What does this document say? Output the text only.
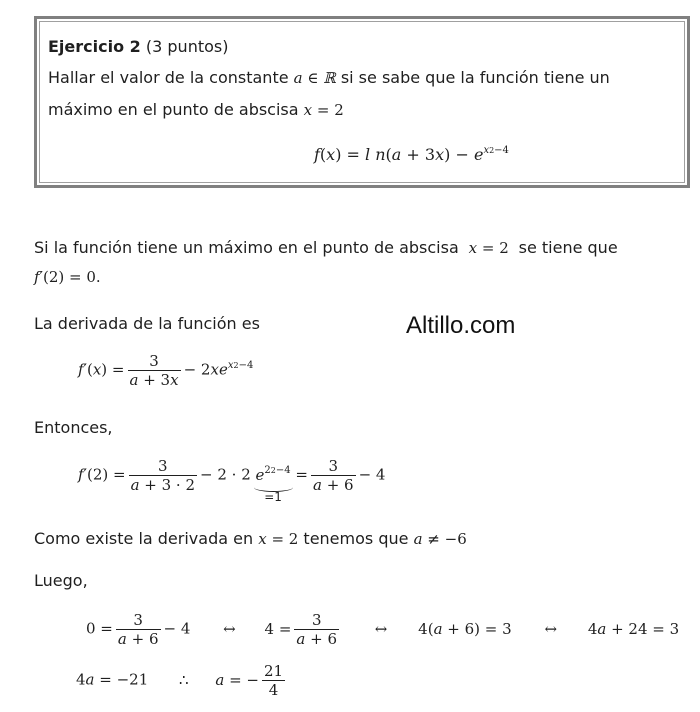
Ejercicio 2 (3 puntos)
Hallar el valor de la constante a ∈ ℝ si se sabe que la función tiene un
máximo en el punto de abscisa x = 2
f(x) = l $n(a + 3x) - e^{x2-4}$
Si la función tiene un máximo en el punto de abscisa x = 2  se tiene que
f′(2) = 0.
La derivada de la función es	Altillo.com
$f'(x) = \frac{3}{a + 3x} - 2xe^{x2-4}$
Entonces,
$f'(2) = \frac{3}{a + 3 \cdot 2} - 2 \cdot 2$ $e^{22-4}$
=1
= $\frac{3}{a + 6} - 4$
Como existe la derivada en x = 2 tenemos que a ≠ −6
Luego,
$0 = \frac{3}{a + 6} - 4$ ↔ $4 = \frac{3}{a + 6}$ ↔ 4(a + 6) = 3 ↔ 4a + 24 = 3
4a = −21 ∴ a = − $\frac{21}{4}$
